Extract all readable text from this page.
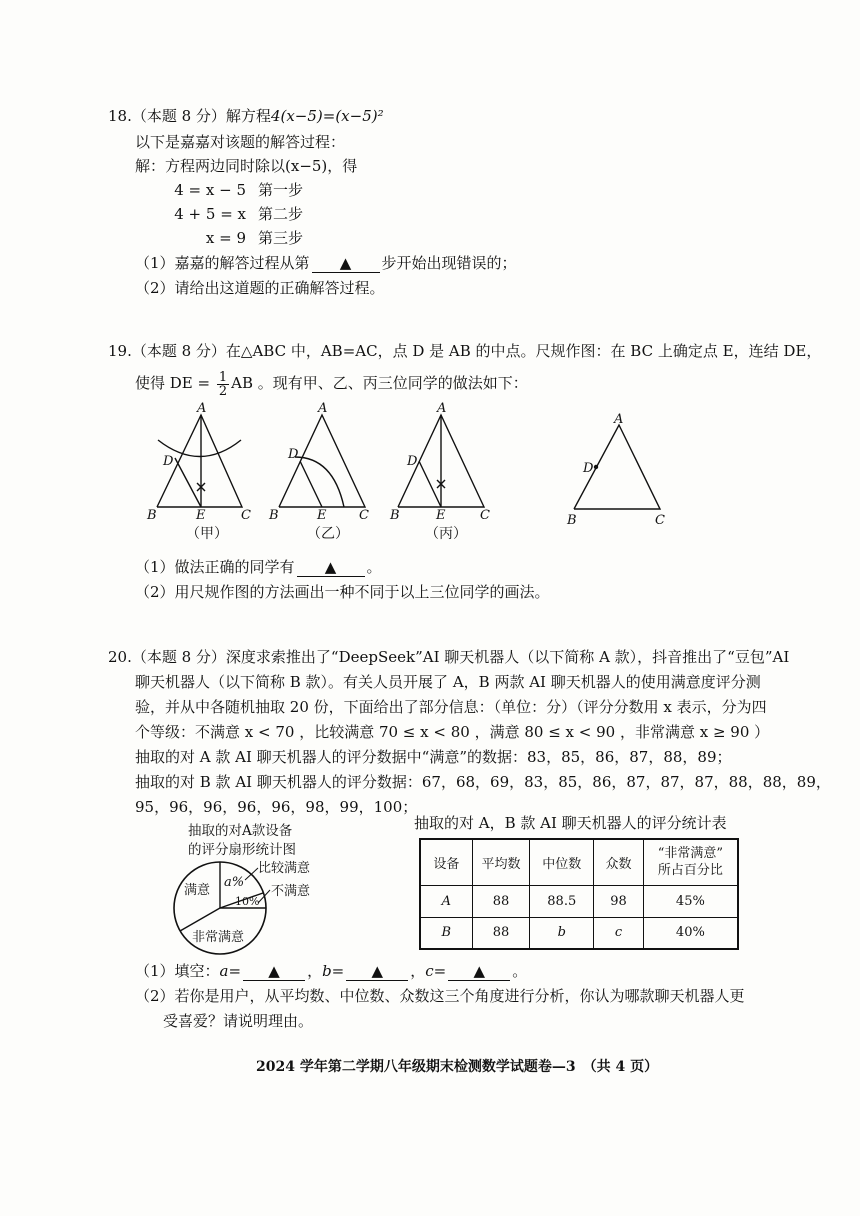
18.（本题 8 分）解方程4(x−5)=(x−5)²
以下是嘉嘉对该题的解答过程：
解：方程两边同时除以(x−5)，得
4 = x − 5 第一步
4 + 5 = x 第二步
x = 9 第三步
（1）嘉嘉的解答过程从第 ▲ 步开始出现错误的；
（2）请给出这道题的正确解答过程。
19.（本题 8 分）在△ABC 中，AB=AC，点 D 是 AB 的中点。尺规作图：在 BC 上确定点 E，连结 DE，
使得 DE = $\frac{1}{2}$ AB 。现有甲、乙、丙三位同学的做法如下：
A
D
B	E	C
A
D
B	E	C
A
D
B	E	C
A
D
B	C
（甲）	（乙）	（丙）
（1）做法正确的同学有 ▲ 。
（2）用尺规作图的方法画出一种不同于以上三位同学的画法。
20.（本题 8 分）深度求索推出了“DeepSeek”AI 聊天机器人（以下简称 A 款），抖音推出了“豆包”AI
聊天机器人（以下简称 B 款）。有关人员开展了 A，B 两款 AI 聊天机器人的使用满意度评分测
验，并从中各随机抽取 20 份，下面给出了部分信息：（单位：分）（评分分数用 x 表示，分为四
个等级：不满意 x < 70 ，比较满意 70 ≤ x < 80 ，满意 80 ≤ x < 90 ，非常满意 x ≥ 90 ）
抽取的对 A 款 AI 聊天机器人的评分数据中“满意”的数据：83，85，86，87，88，89；
抽取的对 B 款 AI 聊天机器人的评分数据：67，68，69，83，85，86，87，87，87，88，88，89，
95，96，96，96，96，98，99，100；
抽取的对A款设备
的评分扇形统计图
满意
非常满意
a%
10%
比较满意
不满意
抽取的对 A，B 款 AI 聊天机器人的评分统计表
设备	平均数	中位数	众数	“非常满意”
所占百分比

A	88	88.5	98	45%
B	88	b	c	40%
（1）填空：a= ▲ ，b= ▲ ，c= ▲ 。
（2）若你是用户，从平均数、中位数、众数这三个角度进行分析，你认为哪款聊天机器人更
受喜爱？请说明理由。
2024 学年第二学期八年级期末检测数学试题卷—3　（共 4 页）
